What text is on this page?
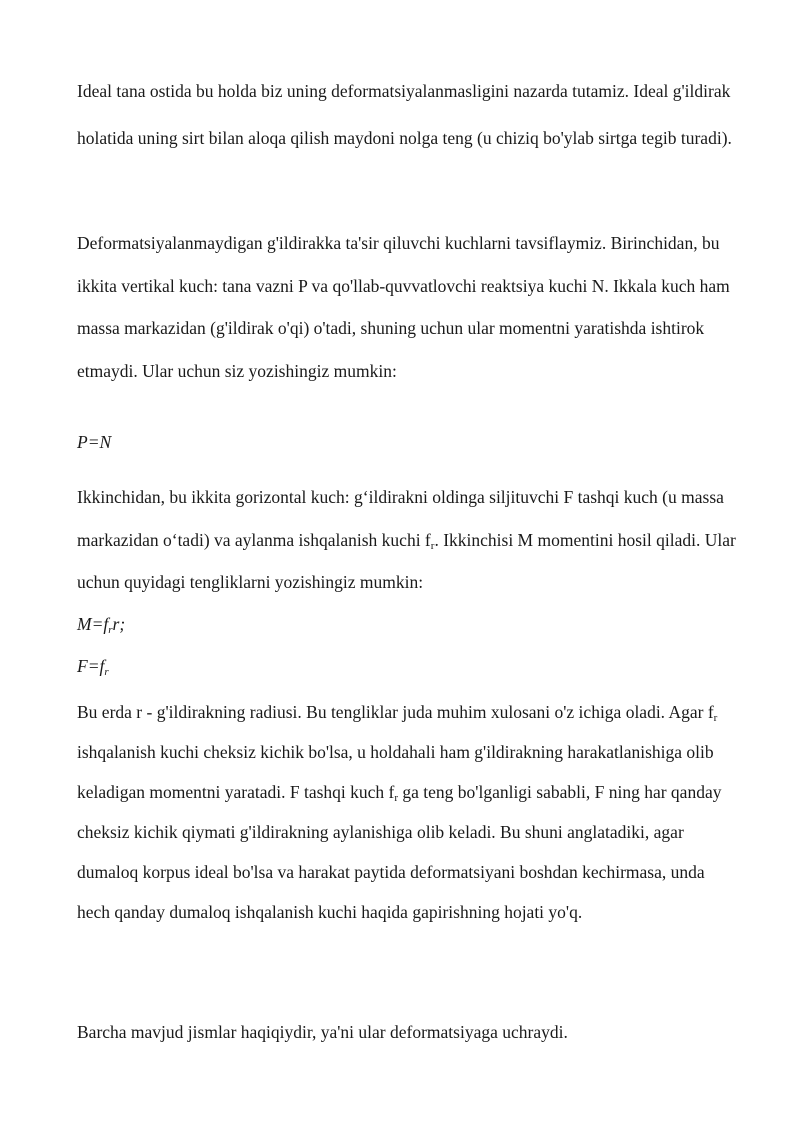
Ideal tana ostida bu holda biz uning deformatsiyalanmasligini nazarda tutamiz. Ideal g'ildirak holatida uning sirt bilan aloqa qilish maydoni nolga teng (u chiziq bo'ylab sirtga tegib turadi).

Deformatsiyalanmaydigan g'ildirakka ta'sir qiluvchi kuchlarni tavsiflaymiz. Birinchidan, bu ikkita vertikal kuch: tana vazni P va qo'llab-quvvatlovchi reaktsiya kuchi N. Ikkala kuch ham massa markazidan (g'ildirak o'qi) o'tadi, shuning uchun ular momentni yaratishda ishtirok etmaydi. Ular uchun siz yozishingiz mumkin:

P=N

Ikkinchidan, bu ikkita gorizontal kuch: g‘ildirakni oldinga siljituvchi F tashqi kuch (u massa markazidan o‘tadi) va aylanma ishqalanish kuchi $f_r$. Ikkinchisi M momentini hosil qiladi. Ular uchun quyidagi tengliklarni yozishingiz mumkin:

$M=f_rr$;

$F=f_r$

Bu erda r - g'ildirakning radiusi. Bu tengliklar juda muhim xulosani o'z ichiga oladi. Agar $f_r$ ishqalanish kuchi cheksiz kichik bo'lsa, u holdahali ham g'ildirakning harakatlanishiga olib keladigan momentni yaratadi. F tashqi kuch $f_r$ ga teng bo'lganligi sababli, F ning har qanday cheksiz kichik qiymati g'ildirakning aylanishiga olib keladi. Bu shuni anglatadiki, agar dumaloq korpus ideal bo'lsa va harakat paytida deformatsiyani boshdan kechirmasa, unda hech qanday dumaloq ishqalanish kuchi haqida gapirishning hojati yo'q.

Barcha mavjud jismlar haqiqiydir, ya'ni ular deformatsiyaga uchraydi.
